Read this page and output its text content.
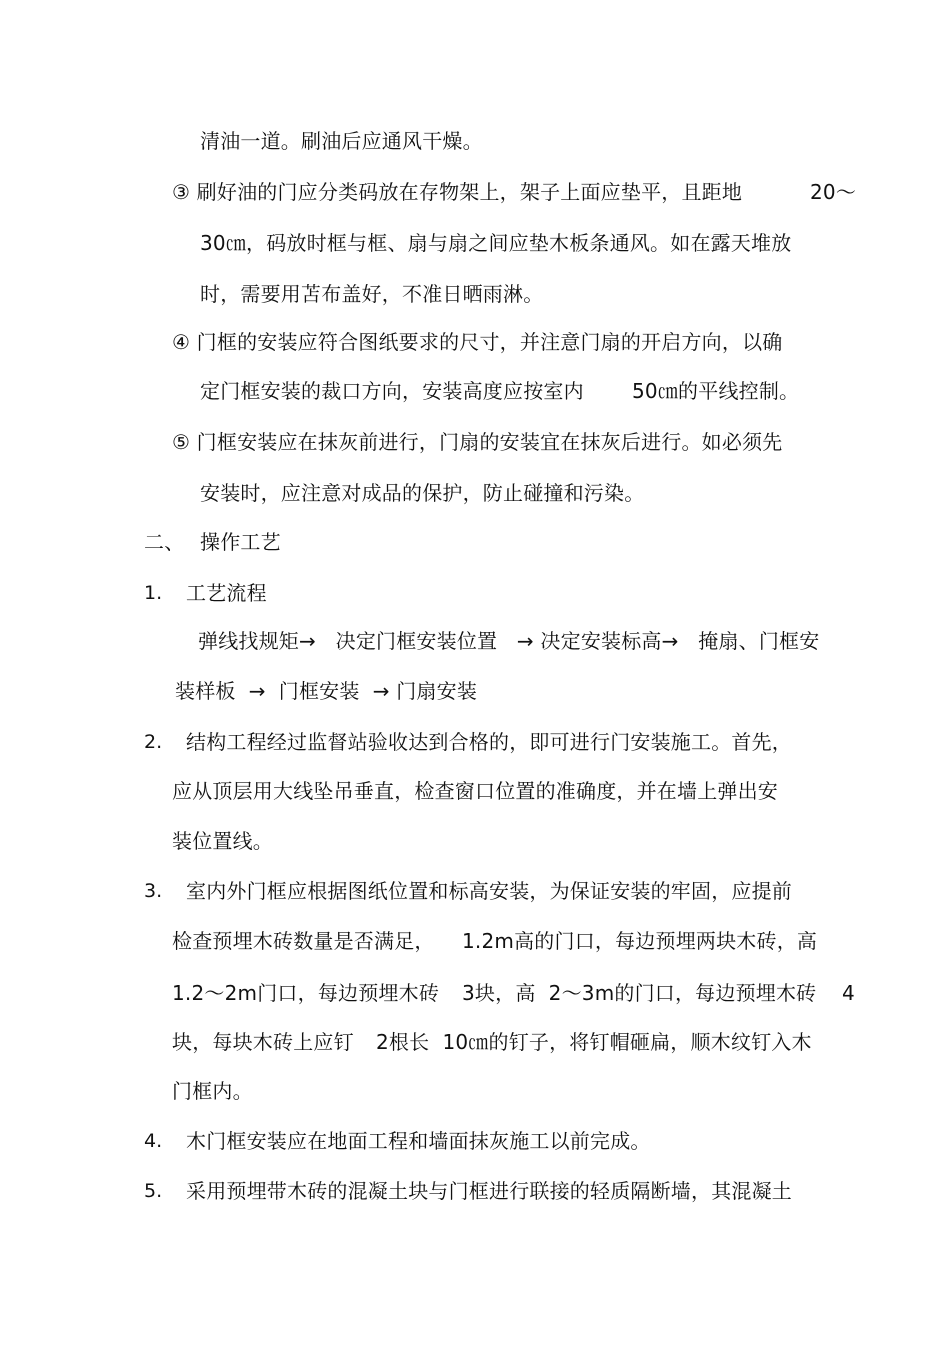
清油一道。刷油后应通风干燥。
③ 刷好油的门应分类码放在存物架上，架子上面应垫平，且距地	20～
30㎝，码放时框与框、扇与扇之间应垫木板条通风。如在露天堆放
时，需要用苫布盖好，不准日晒雨淋。
④ 门框的安装应符合图纸要求的尺寸，并注意门扇的开启方向，以确
定门框安装的裁口方向，安装高度应按室内 50㎝的平线控制。
⑤ 门框安装应在抹灰前进行，门扇的安装宜在抹灰后进行。如必须先
安装时，应注意对成品的保护，防止碰撞和污染。
二、 操作工艺
1. 工艺流程
弹线找规矩→   决定门框安装位置   → 决定安装标高→   掩扇、门框安
装样板  →  门框安装  → 门扇安装
2. 结构工程经过监督站验收达到合格的，即可进行门安装施工。首先，
应从顶层用大线坠吊垂直，检查窗口位置的准确度，并在墙上弹出安
装位置线。
3. 室内外门框应根据图纸位置和标高安装，为保证安装的牢固，应提前
检查预埋木砖数量是否满足， 1.2m高的门口，每边预埋两块木砖，高
1.2～2m门口，每边预埋木砖 3块，高  2～3m的门口，每边预埋木砖 4
块，每块木砖上应钉 2根长  10㎝的钉子，将钉帽砸扁，顺木纹钉入木
门框内。
4. 木门框安装应在地面工程和墙面抹灰施工以前完成。
5. 采用预埋带木砖的混凝土块与门框进行联接的轻质隔断墙，其混凝土
